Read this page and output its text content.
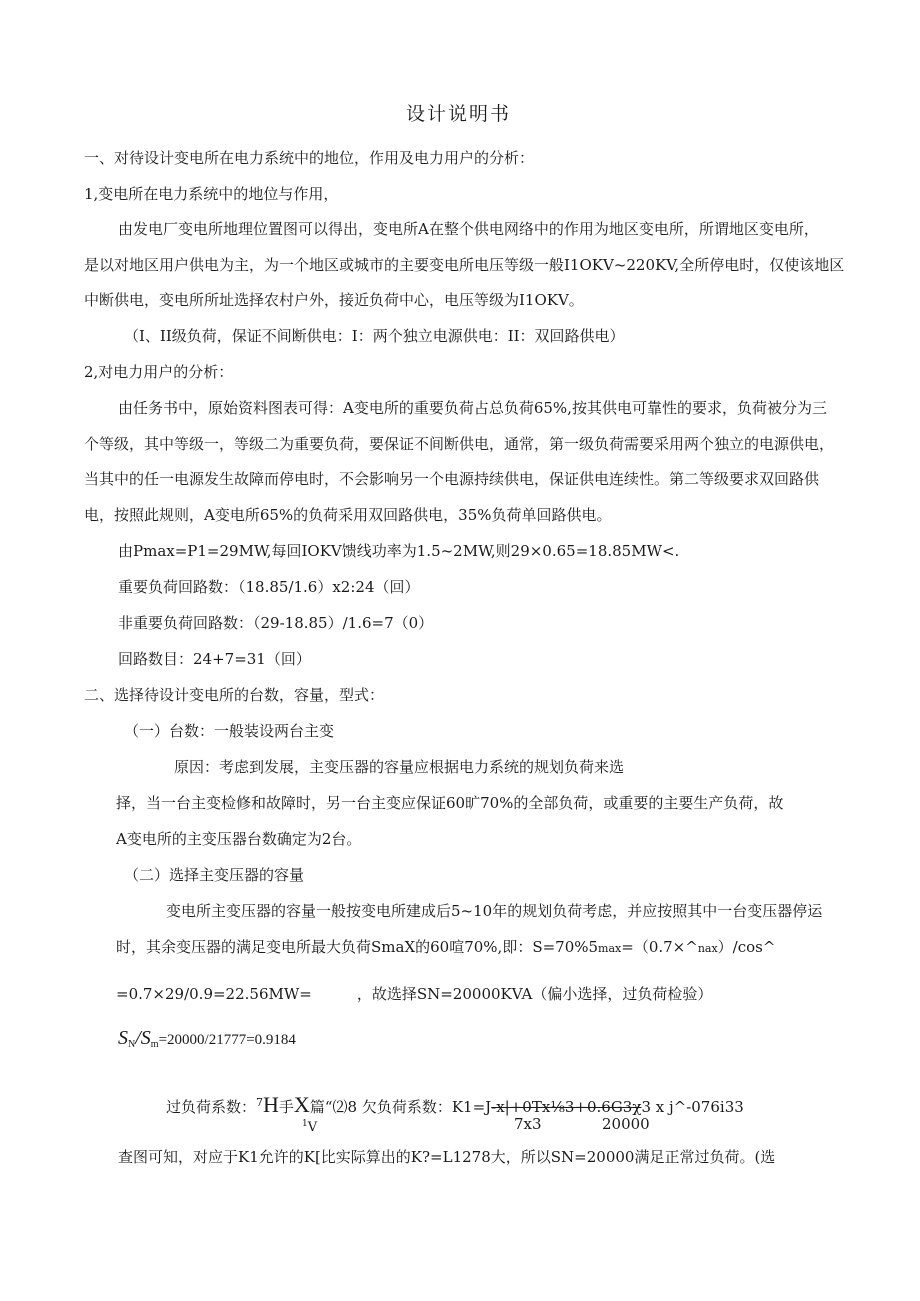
设计说明书
一、对待设计变电所在电力系统中的地位，作用及电力用户的分析：
1,变电所在电力系统中的地位与作用，
由发电厂变电所地理位置图可以得出，变电所A在整个供电网络中的作用为地区变电所，所谓地区变电所，
是以对地区用户供电为主，为一个地区或城市的主要变电所电压等级一般I1OKV~220KV,全所停电时，仅使该地区
中断供电，变电所所址选择农村户外，接近负荷中心，电压等级为I1OKV。
（I、II级负荷，保证不间断供电：I：两个独立电源供电：II：双回路供电）
2,对电力用户的分析：
由任务书中，原始资料图表可得：A变电所的重要负荷占总负荷65%,按其供电可靠性的要求，负荷被分为三
个等级，其中等级一，等级二为重要负荷，要保证不间断供电，通常，第一级负荷需要采用两个独立的电源供电，
当其中的任一电源发生故障而停电时，不会影响另一个电源持续供电，保证供电连续性。第二等级要求双回路供
电，按照此规则，A变电所65%的负荷采用双回路供电，35%负荷单回路供电。
由Pmax=P1=29MW,每回IOKV馈线功率为1.5~2MW,则29×0.65=18.85MW<.
重要负荷回路数：（18.85/1.6）x2:24（回）
非重要负荷回路数：（29-18.85）/1.6=7（0）
回路数目：24+7=31（回）
二、选择待设计变电所的台数，容量，型式：
（一）台数：一般装设两台主变
原因：考虑到发展，主变压器的容量应根据电力系统的规划负荷来选
择，当一台主变检修和故障时，另一台主变应保证60旷70%的全部负荷，或重要的主要生产负荷，故
A变电所的主变压器台数确定为2台。
（二）选择主变压器的容量
变电所主变压器的容量一般按变电所建成后5~10年的规划负荷考虑，并应按照其中一台变压器停运
时，其余变压器的满足变电所最大负荷SmaX的60喧70%,即：S=70%5max=（0.7×^nax）/cos^
=0.7×29/0.9=22.56MW=　　　，故选择SN=20000KVA（偏小选择，过负荷检验）
$S_N/S_m=20000/21777=0.9184$
过负荷系数：$^7$H手X篇“⑵8 欠负荷系数：K1=J-x|+0Tx⅛3+0.6G3χ3 x j^-076i33
$^1$V	7x3	20000
查图可知，对应于K1允许的K[比实际算出的K?=L1278大，所以SN=20000满足正常过负荷。(选
